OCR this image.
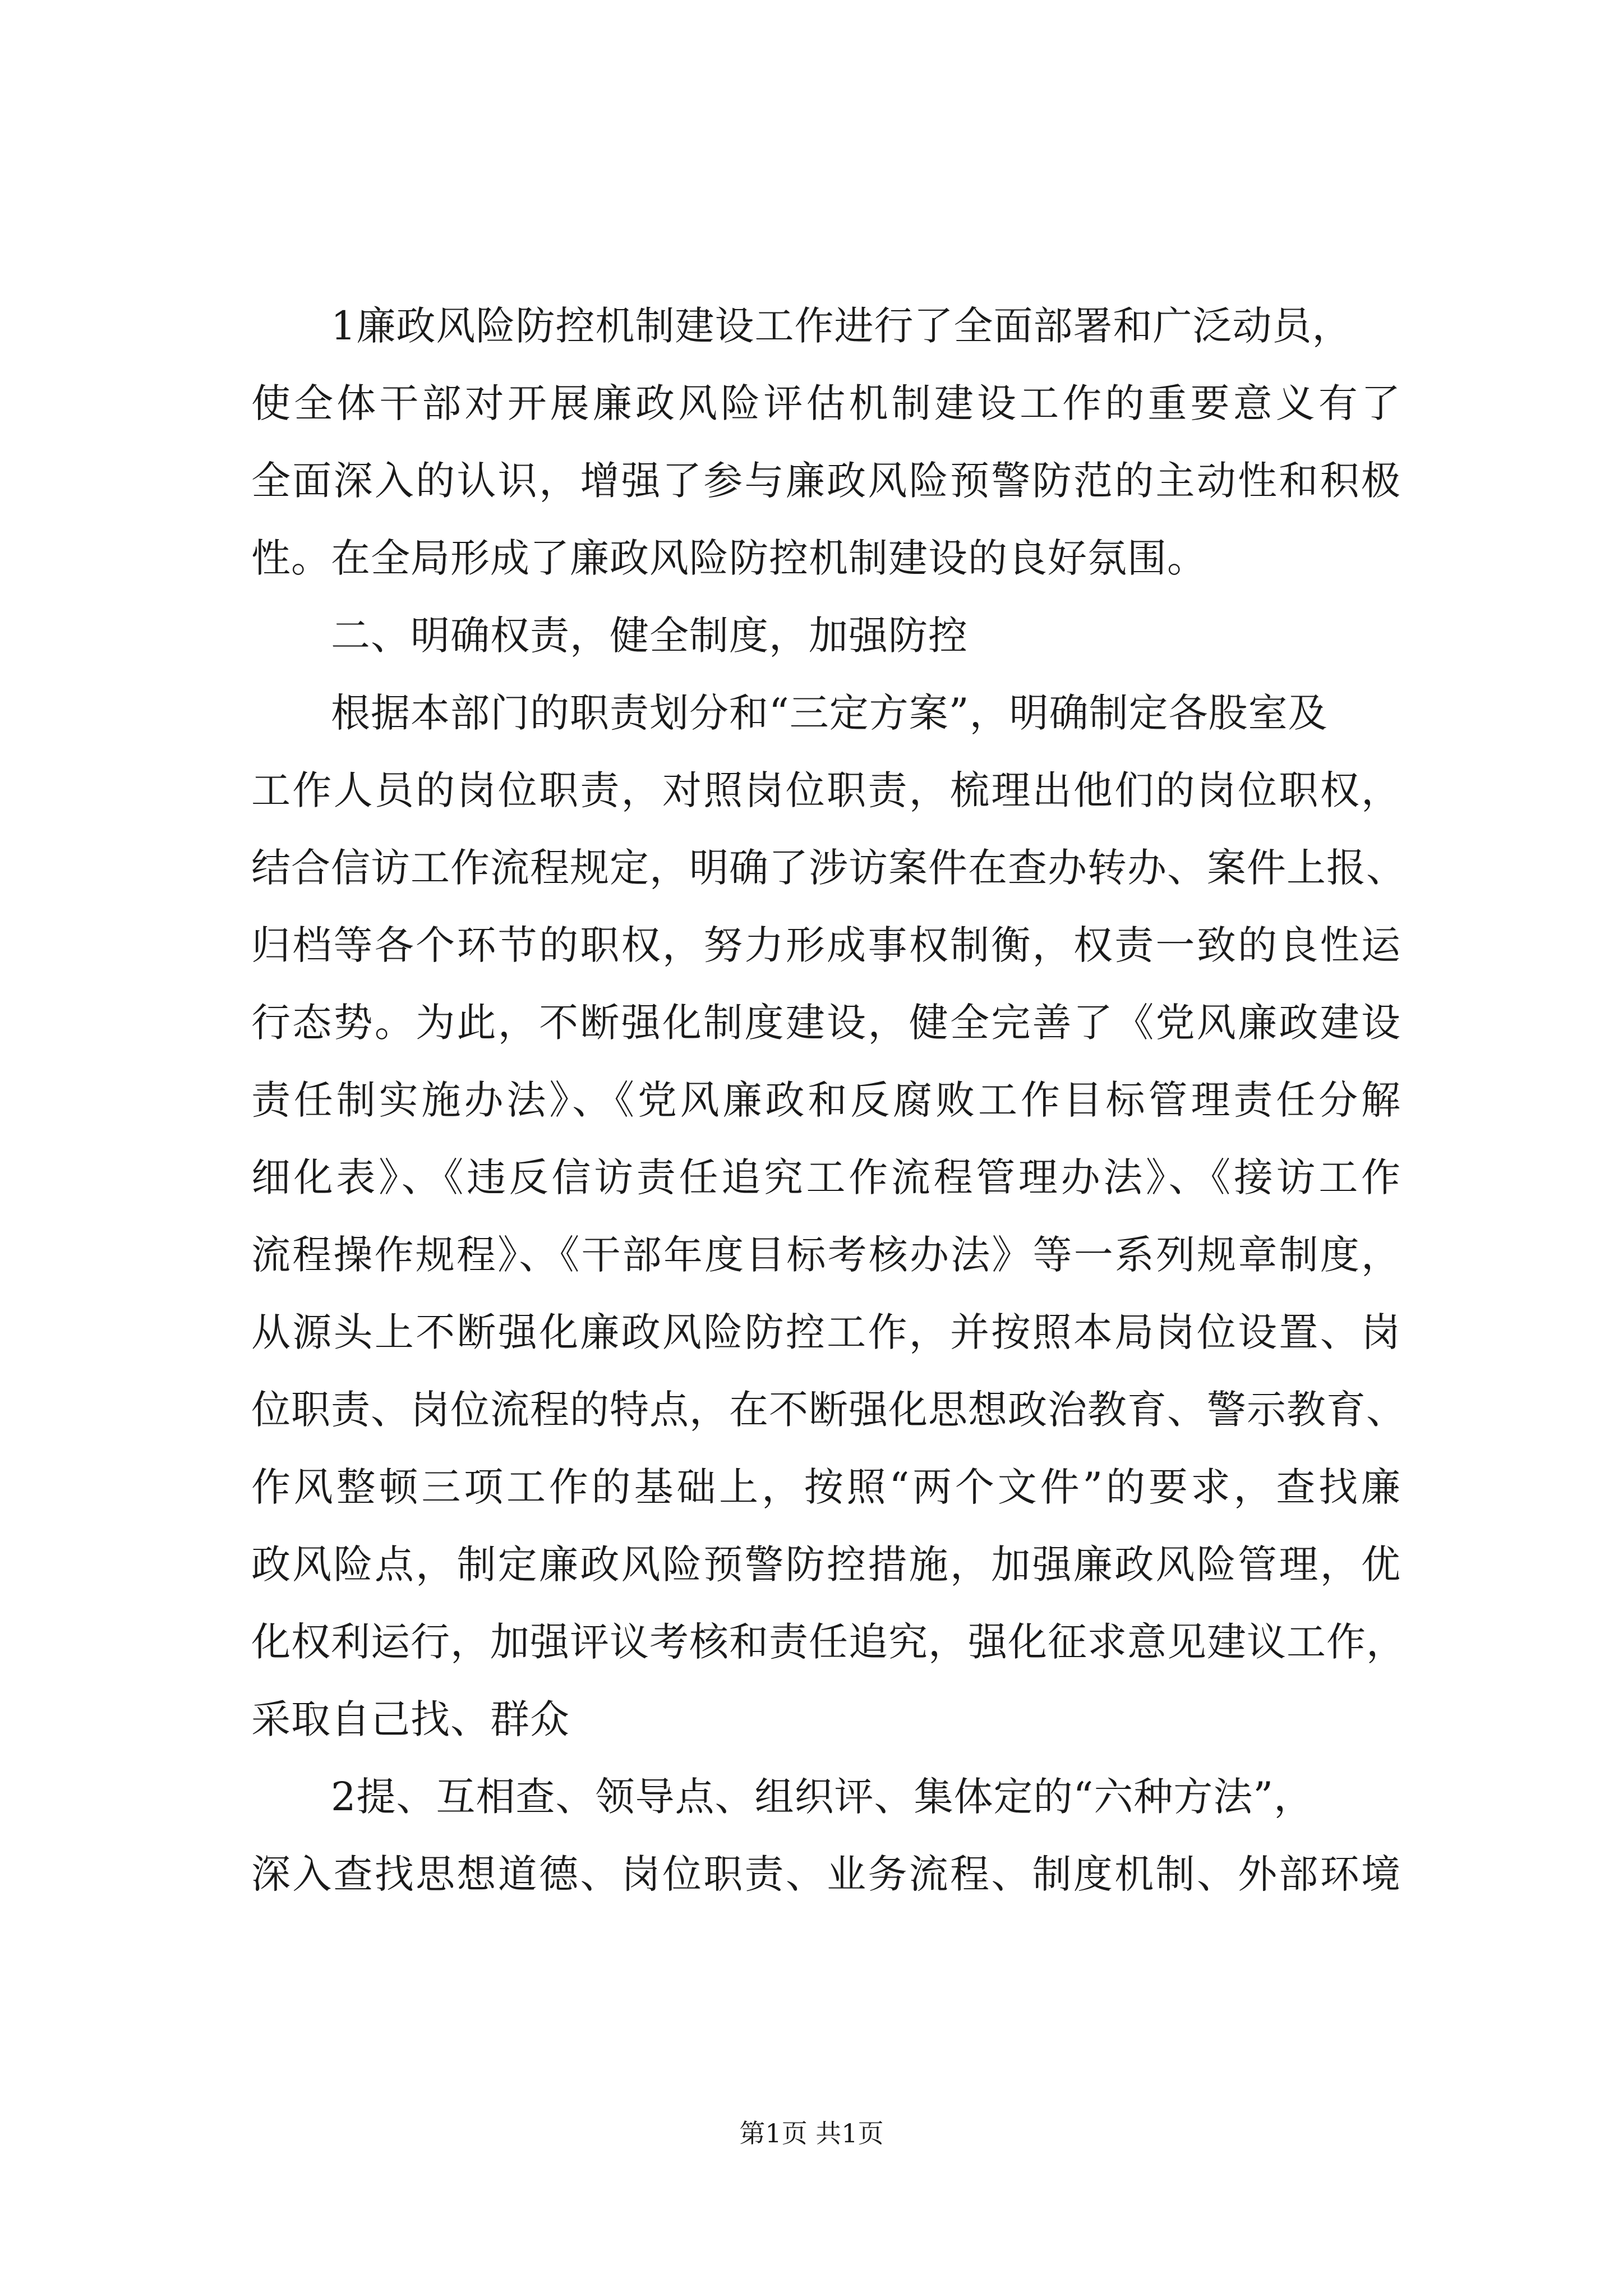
1廉政风险防控机制建设工作进行了全面部署和广泛动员，
使全体干部对开展廉政风险评估机制建设工作的重要意义有了
全面深入的认识，增强了参与廉政风险预警防范的主动性和积极
性。在全局形成了廉政风险防控机制建设的良好氛围。
二、明确权责，健全制度，加强防控
根据本部门的职责划分和“三定方案”，明确制定各股室及
工作人员的岗位职责，对照岗位职责，梳理出他们的岗位职权，
结合信访工作流程规定，明确了涉访案件在查办转办、案件上报、
归档等各个环节的职权，努力形成事权制衡，权责一致的良性运
行态势。为此，不断强化制度建设，健全完善了《党风廉政建设
责任制实施办法》、《党风廉政和反腐败工作目标管理责任分解
细化表》、《违反信访责任追究工作流程管理办法》、《接访工作
流程操作规程》、《干部年度目标考核办法》等一系列规章制度，
从源头上不断强化廉政风险防控工作，并按照本局岗位设置、岗
位职责、岗位流程的特点，在不断强化思想政治教育、警示教育、
作风整顿三项工作的基础上，按照“两个文件”的要求，查找廉
政风险点，制定廉政风险预警防控措施，加强廉政风险管理，优
化权利运行，加强评议考核和责任追究，强化征求意见建议工作，
采取自己找、群众
2提、互相查、领导点、组织评、集体定的“六种方法”，
深入查找思想道德、岗位职责、业务流程、制度机制、外部环境
第1页 共1页
